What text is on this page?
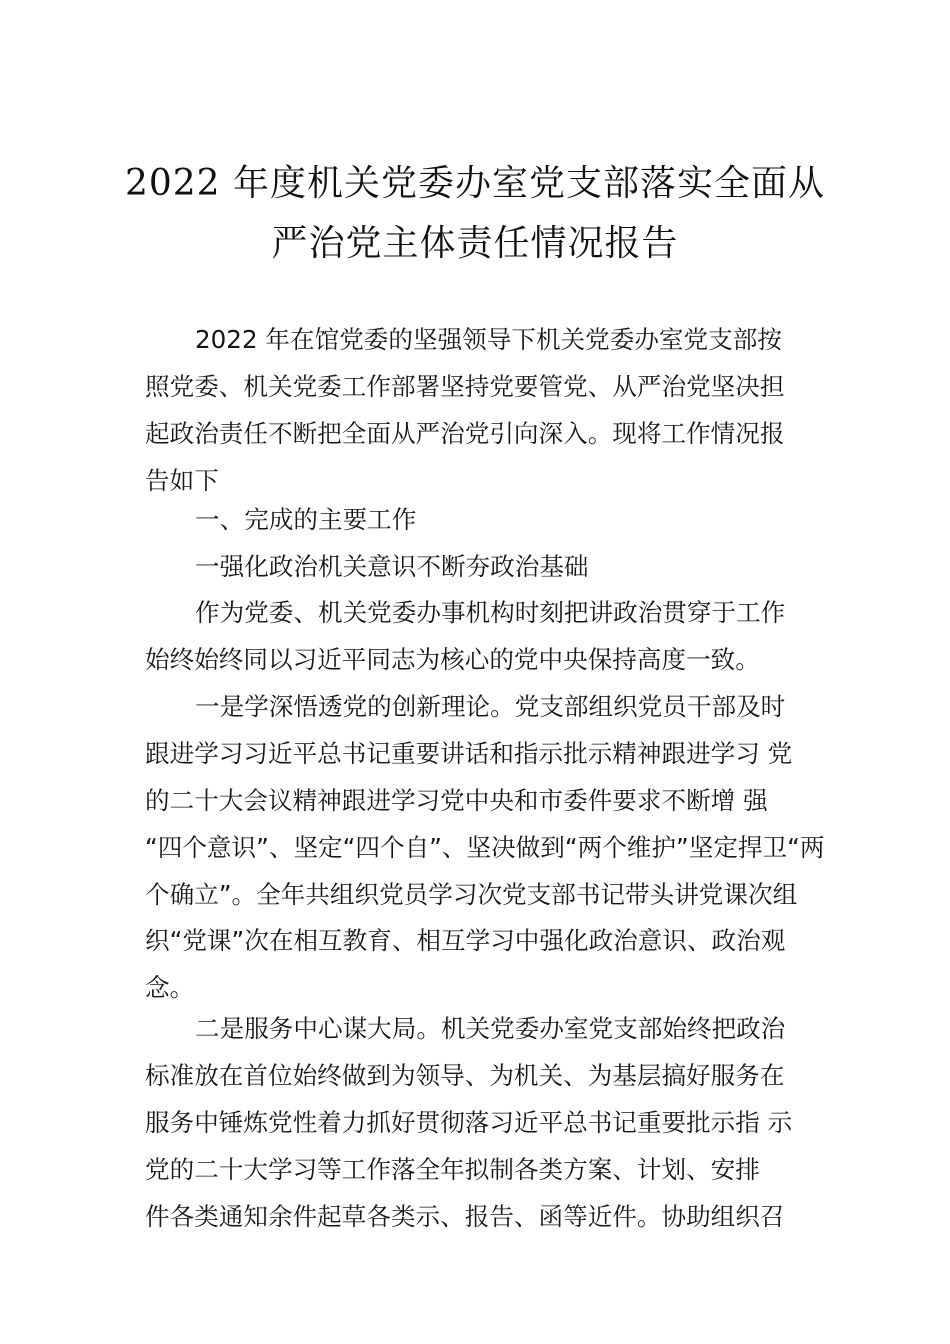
2022 年度机关党委办室党支部落实全面从
严治党主体责任情况报告
2022 年在馆党委的坚强领导下机关党委办室党支部按
照党委、机关党委工作部署坚持党要管党、从严治党坚决担
起政治责任不断把全面从严治党引向深入。现将工作情况报
告如下
一、完成的主要工作
一强化政治机关意识不断夯政治基础
作为党委、机关党委办事机构时刻把讲政治贯穿于工作
始终始终同以习近平同志为核心的党中央保持高度一致。
一是学深悟透党的创新理论。党支部组织党员干部及时
跟进学习习近平总书记重要讲话和指示批示精神跟进学习 党
的二十大会议精神跟进学习党中央和市委件要求不断增 强
“四个意识”、坚定“四个自”、坚决做到“两个维护”坚定捍卫“两
个确立”。全年共组织党员学习次党支部书记带头讲党课次组
织“党课”次在相互教育、相互学习中强化政治意识、政治观
念。
二是服务中心谋大局。机关党委办室党支部始终把政治
标准放在首位始终做到为领导、为机关、为基层搞好服务在
服务中锤炼党性着力抓好贯彻落习近平总书记重要批示指 示
党的二十大学习等工作落全年拟制各类方案、计划、安排
件各类通知余件起草各类示、报告、函等近件。协助组织召
